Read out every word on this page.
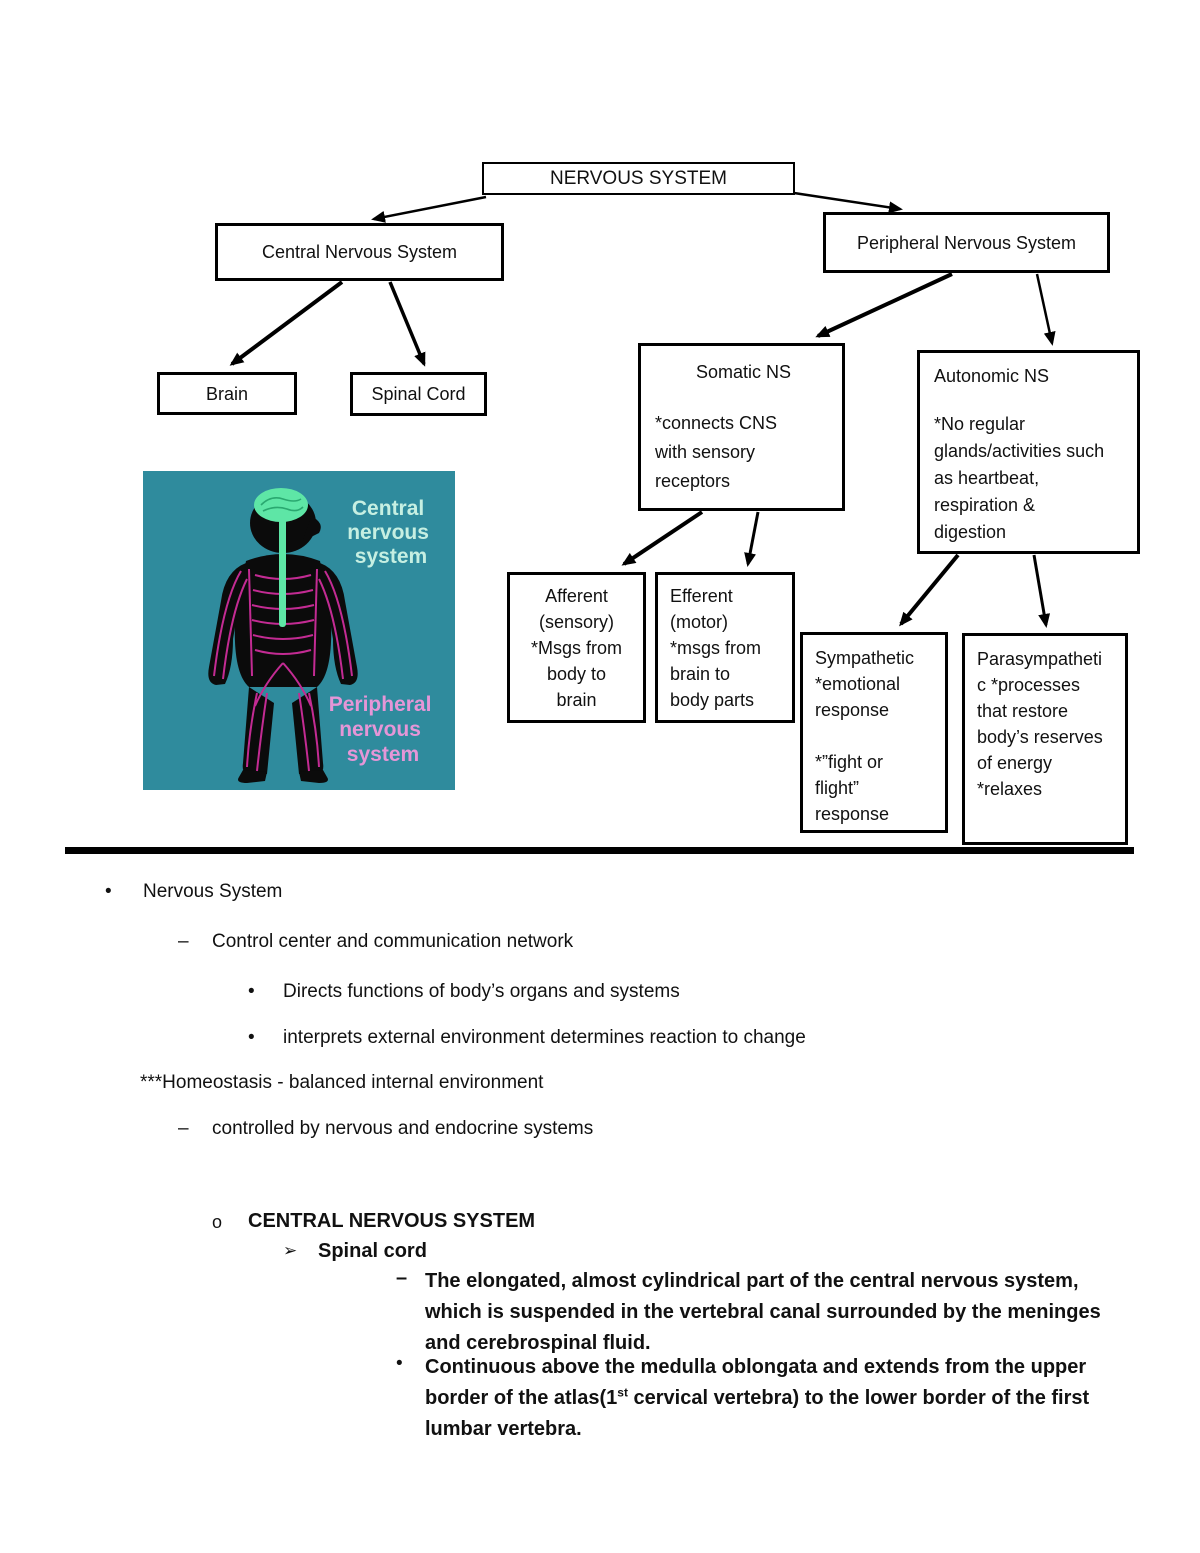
NERVOUS SYSTEM
Central Nervous System	Peripheral Nervous System
Brain	Spinal Cord
Somatic NS
*connects CNS
with sensory
receptors
Autonomic NS
*No regular
glands/activities such
as heartbeat,
respiration &
digestion
Afferent
(sensory)
*Msgs from
body to
brain
Efferent
(motor)
*msgs from
brain to
body parts
Sympathetic
*emotional
response

*”fight or
flight”
response
Parasympatheti
c *processes
that restore
body’s reserves
of energy
*relaxes
Central nervous system
Peripheral nervous system
• Nervous System
– Control center and communication network
• Directs functions of body’s organs and systems
• interprets external environment determines reaction to change
***Homeostasis - balanced internal environment
– controlled by nervous and endocrine systems
o CENTRAL NERVOUS SYSTEM
➢ Spinal cord
– The elongated, almost cylindrical part of the central nervous system,
which is suspended in the vertebral canal surrounded by the meninges
and cerebrospinal fluid.
• Continuous above the medulla oblongata and extends from the upper
border of the atlas(1st cervical vertebra) to the lower border of the first
lumbar vertebra.
